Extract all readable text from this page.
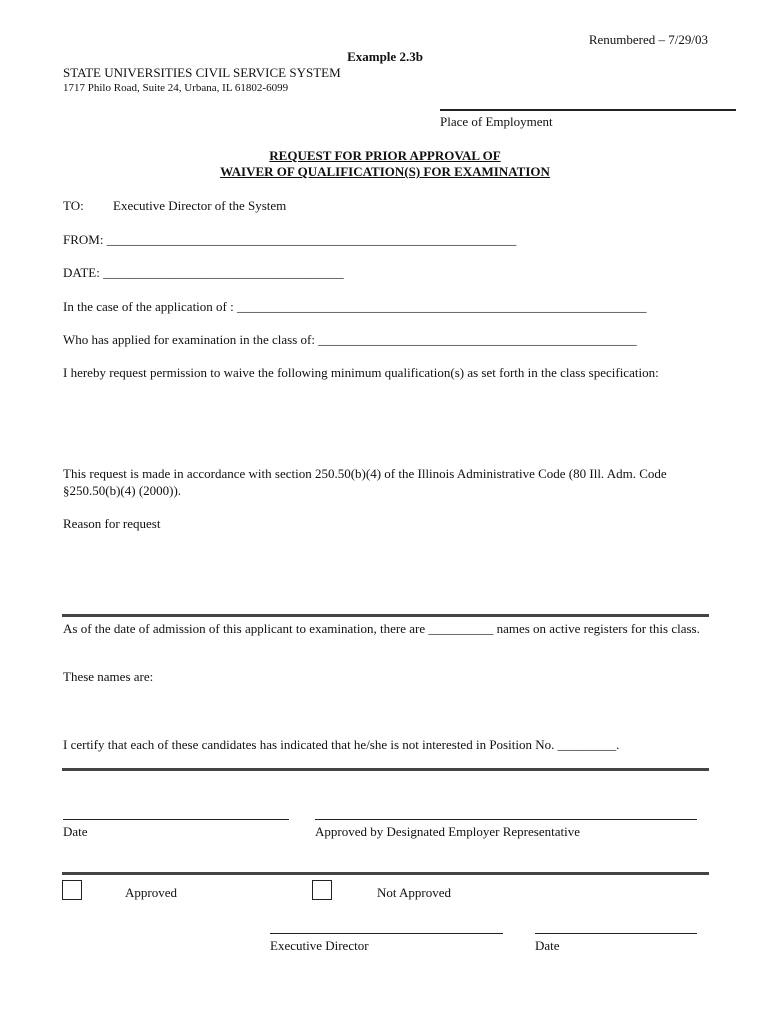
Renumbered – 7/29/03
Example 2.3b
STATE UNIVERSITIES CIVIL SERVICE SYSTEM
1717 Philo Road, Suite 24, Urbana, IL 61802-6099
Place of Employment
REQUEST FOR PRIOR APPROVAL OF
WAIVER OF QUALIFICATION(S) FOR EXAMINATION
TO: Executive Director of the System
FROM: _______________________________________________________________
DATE: _____________________________________
In the case of the application of : _______________________________________________________________
Who has applied for examination in the class of: _________________________________________________
I hereby request permission to waive the following minimum qualification(s) as set forth in the class specification:
This request is made in accordance with section 250.50(b)(4) of the Illinois Administrative Code (80 Ill. Adm. Code §250.50(b)(4) (2000)).
Reason for request
As of the date of admission of this applicant to examination, there are __________ names on active registers for this class.
These names are:
I certify that each of these candidates has indicated that he/she is not interested in Position No. _________.
Date	Approved by Designated Employer Representative
Approved	Not Approved
Executive Director	Date
